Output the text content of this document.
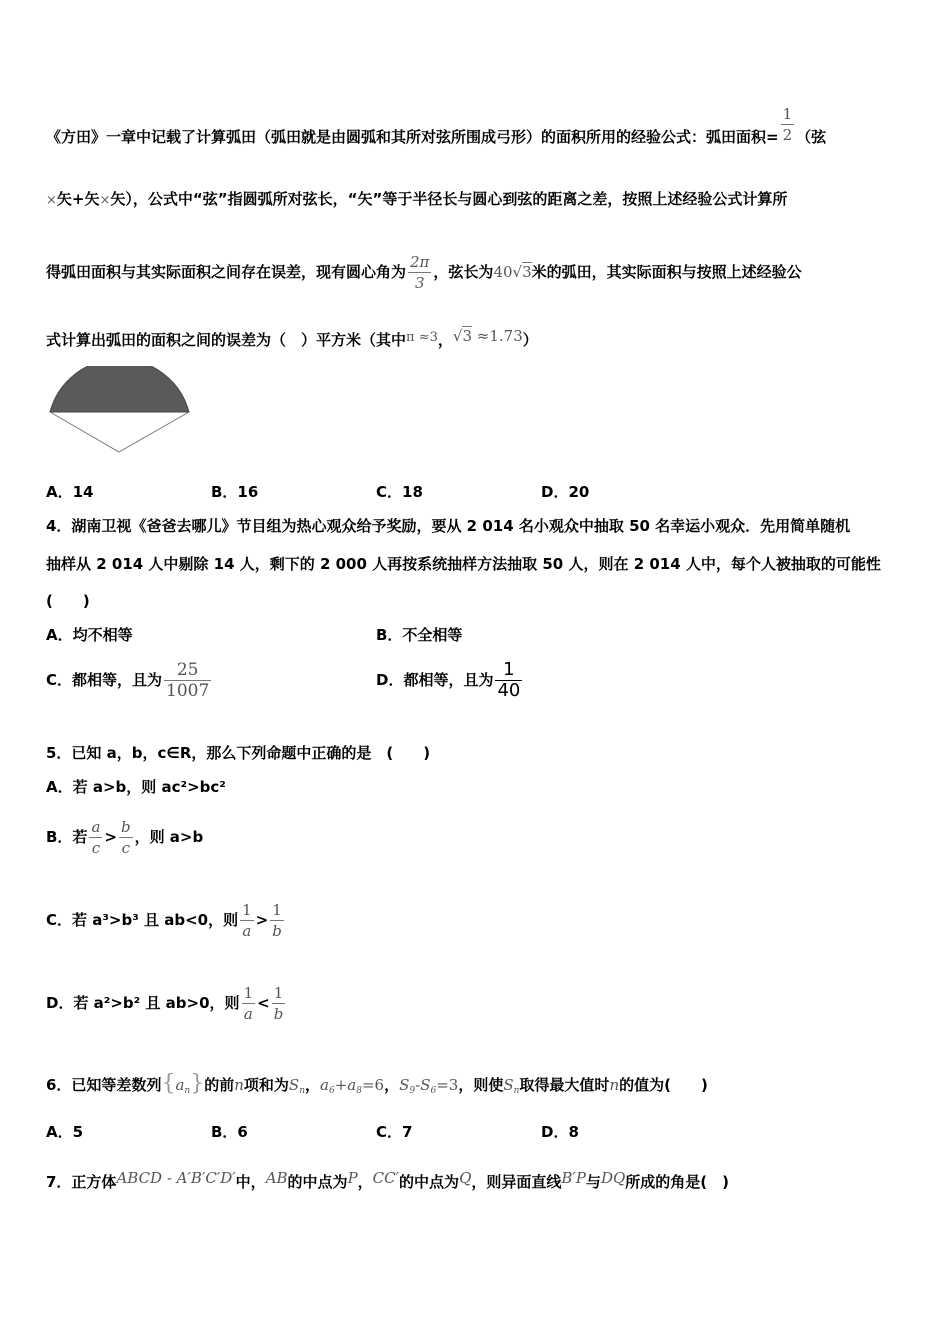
《方田》一章中记载了计算弧田（弧田就是由圆弧和其所对弦所围成弓形）的面积所用的经验公式：弧田面积= $\frac{1}{2}$ （弦
×矢+矢×矢），公式中“弦”指圆弧所对弦长，“矢”等于半径长与圆心到弦的距离之差，按照上述经验公式计算所
得弧田面积与其实际面积之间存在误差，现有圆心角为 $\frac{2\pi}{3}$ ，弦长为40√3米的弧田，其实际面积与按照上述经验公
式计算出弧田的面积之间的误差为（　）平方米（其中π ≈3，√3 ≈1.73）
A．14	B．16	C．18	D．20
4．湖南卫视《爸爸去哪儿》节目组为热心观众给予奖励，要从 2 014 名小观众中抽取 50 名幸运小观众．先用简单随机
抽样从 2 014 人中剔除 14 人，剩下的 2 000 人再按系统抽样方法抽取 50 人，则在 2 014 人中，每个人被抽取的可能性
(　　)
A．均不相等	B．不全相等
C．都相等，且为 $\frac{25}{1007}$	D．都相等，且为 $\frac{1}{40}$
5．已知 a，b，c∈R，那么下列命题中正确的是　(　　)
A．若 a>b，则 ac²>bc²
B．若 $\frac{a}{c} > \frac{b}{c}$ ，则 a>b
C．若 a³>b³ 且 ab<0，则 $\frac{1}{a} > \frac{1}{b}$
D．若 a²>b² 且 ab>0，则 $\frac{1}{a} < \frac{1}{b}$
6．已知等差数列$\{a_n\}$的前n项和为$S_n$，$a_6+a_8=6$，$S_9-S_6=3$，则使$S_n$取得最大值时n的值为(　　)
A．5	B．6	C．7	D．8
7．正方体ABCD - A′B′C′D′中，AB的中点为P，CC′的中点为Q，则异面直线B′P与DQ所成的角是(　)
